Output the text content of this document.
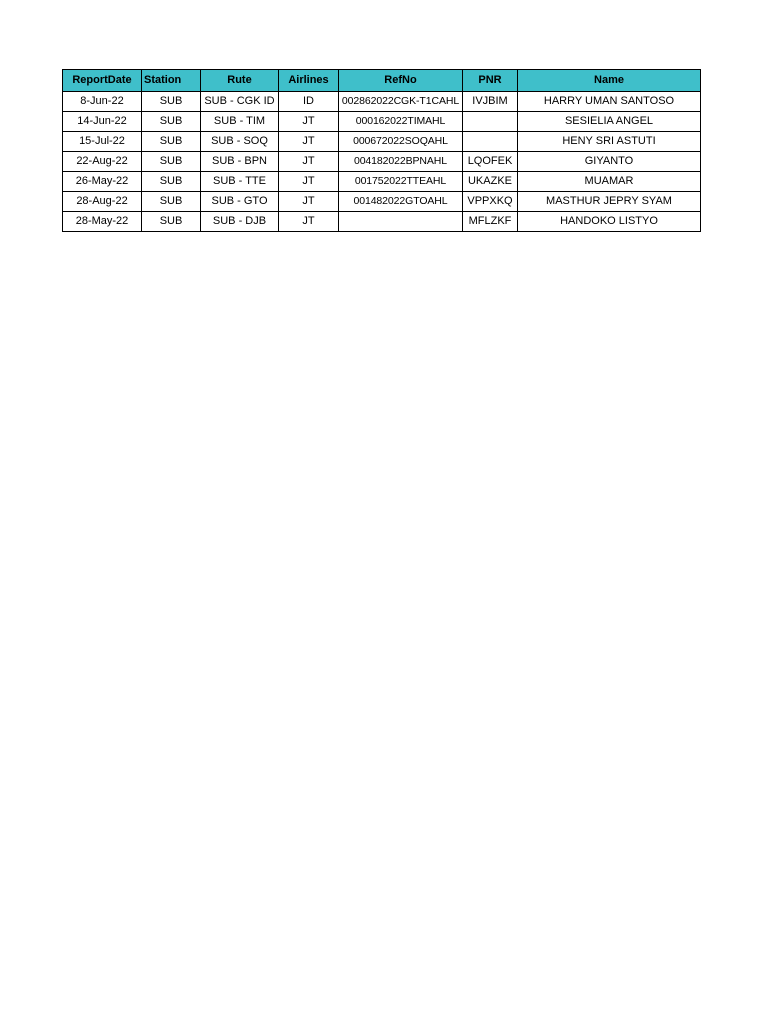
ReportDate	Station	Rute	Airlines	RefNo	PNR	Name
8-Jun-22	SUB	SUB - CGK ID	ID	002862022CGK-T1CAHL	IVJBIM	HARRY UMAN SANTOSO
14-Jun-22	SUB	SUB - TIM	JT	000162022TIMAHL		SESIELIA ANGEL
15-Jul-22	SUB	SUB - SOQ	JT	000672022SOQAHL		HENY SRI ASTUTI
22-Aug-22	SUB	SUB - BPN	JT	004182022BPNAHL	LQOFEK	GIYANTO
26-May-22	SUB	SUB - TTE	JT	001752022TTEAHL	UKAZKE	MUAMAR
28-Aug-22	SUB	SUB - GTO	JT	001482022GTOAHL	VPPXKQ	MASTHUR JEPRY SYAM
28-May-22	SUB	SUB - DJB	JT		MFLZKF	HANDOKO LISTYO
